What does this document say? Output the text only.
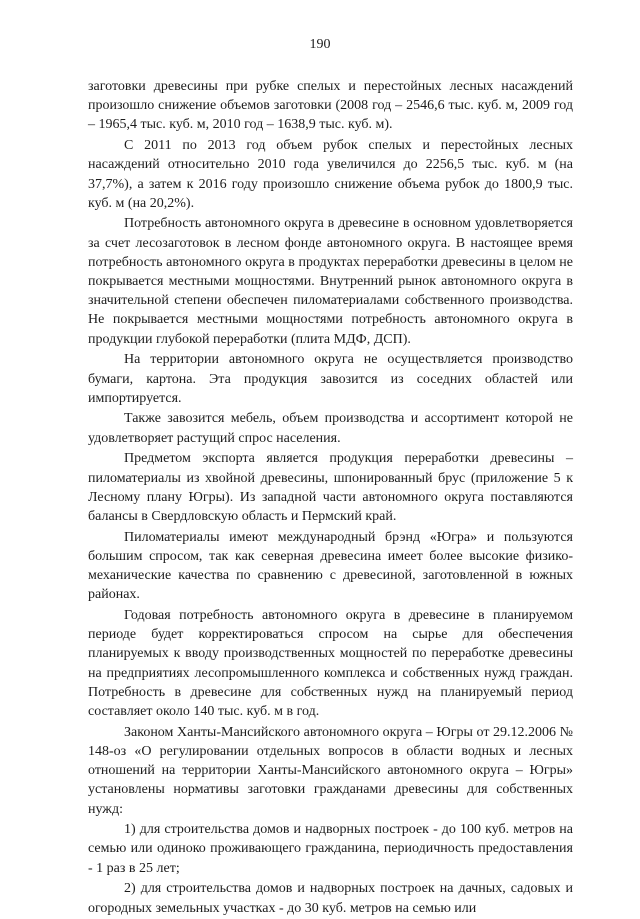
190

заготовки древесины при рубке спелых и перестойных лесных насаждений произошло снижение объемов заготовки (2008 год – 2546,6 тыс. куб. м, 2009 год – 1965,4 тыс. куб. м, 2010 год – 1638,9 тыс. куб. м).

С 2011 по 2013 год объем рубок спелых и перестойных лесных насаждений относительно 2010 года увеличился до 2256,5 тыс. куб. м (на 37,7%), а затем к 2016 году произошло снижение объема рубок до 1800,9 тыс. куб. м (на 20,2%).

Потребность автономного округа в древесине в основном удовлетворяется за счет лесозаготовок в лесном фонде автономного округа. В настоящее время потребность автономного округа в продуктах переработки древесины в целом не покрывается местными мощностями. Внутренний рынок автономного округа в значительной степени обеспечен пиломатериалами собственного производства. Не покрывается местными мощностями потребность автономного округа в продукции глубокой переработки (плита МДФ, ДСП).

На территории автономного округа не осуществляется производство бумаги, картона. Эта продукция завозится из соседних областей или импортируется.

Также завозится мебель, объем производства и ассортимент которой не удовлетворяет растущий спрос населения.

Предметом экспорта является продукция переработки древесины – пиломатериалы из хвойной древесины, шпонированный брус (приложение 5 к Лесному плану Югры). Из западной части автономного округа поставляются балансы в Свердловскую область и Пермский край.

Пиломатериалы имеют международный брэнд «Югра» и пользуются большим спросом, так как северная древесина имеет более высокие физико-механические качества по сравнению с древесиной, заготовленной в южных районах.

Годовая потребность автономного округа в древесине в планируемом периоде будет корректироваться спросом на сырье для обеспечения планируемых к вводу производственных мощностей по переработке древесины на предприятиях лесопромышленного комплекса и собственных нужд граждан. Потребность в древесине для собственных нужд на планируемый период составляет около 140 тыс. куб. м в год.

Законом Ханты-Мансийского автономного округа – Югры от 29.12.2006 № 148-оз «О регулировании отдельных вопросов в области водных и лесных отношений на территории Ханты-Мансийского автономного округа – Югры» установлены нормативы заготовки гражданами древесины для собственных нужд:

1) для строительства домов и надворных построек - до 100 куб. метров на семью или одиноко проживающего гражданина, периодичность предоставления - 1 раз в 25 лет;

2) для строительства домов и надворных построек на дачных, садовых и огородных земельных участках - до 30 куб. метров на семью или
